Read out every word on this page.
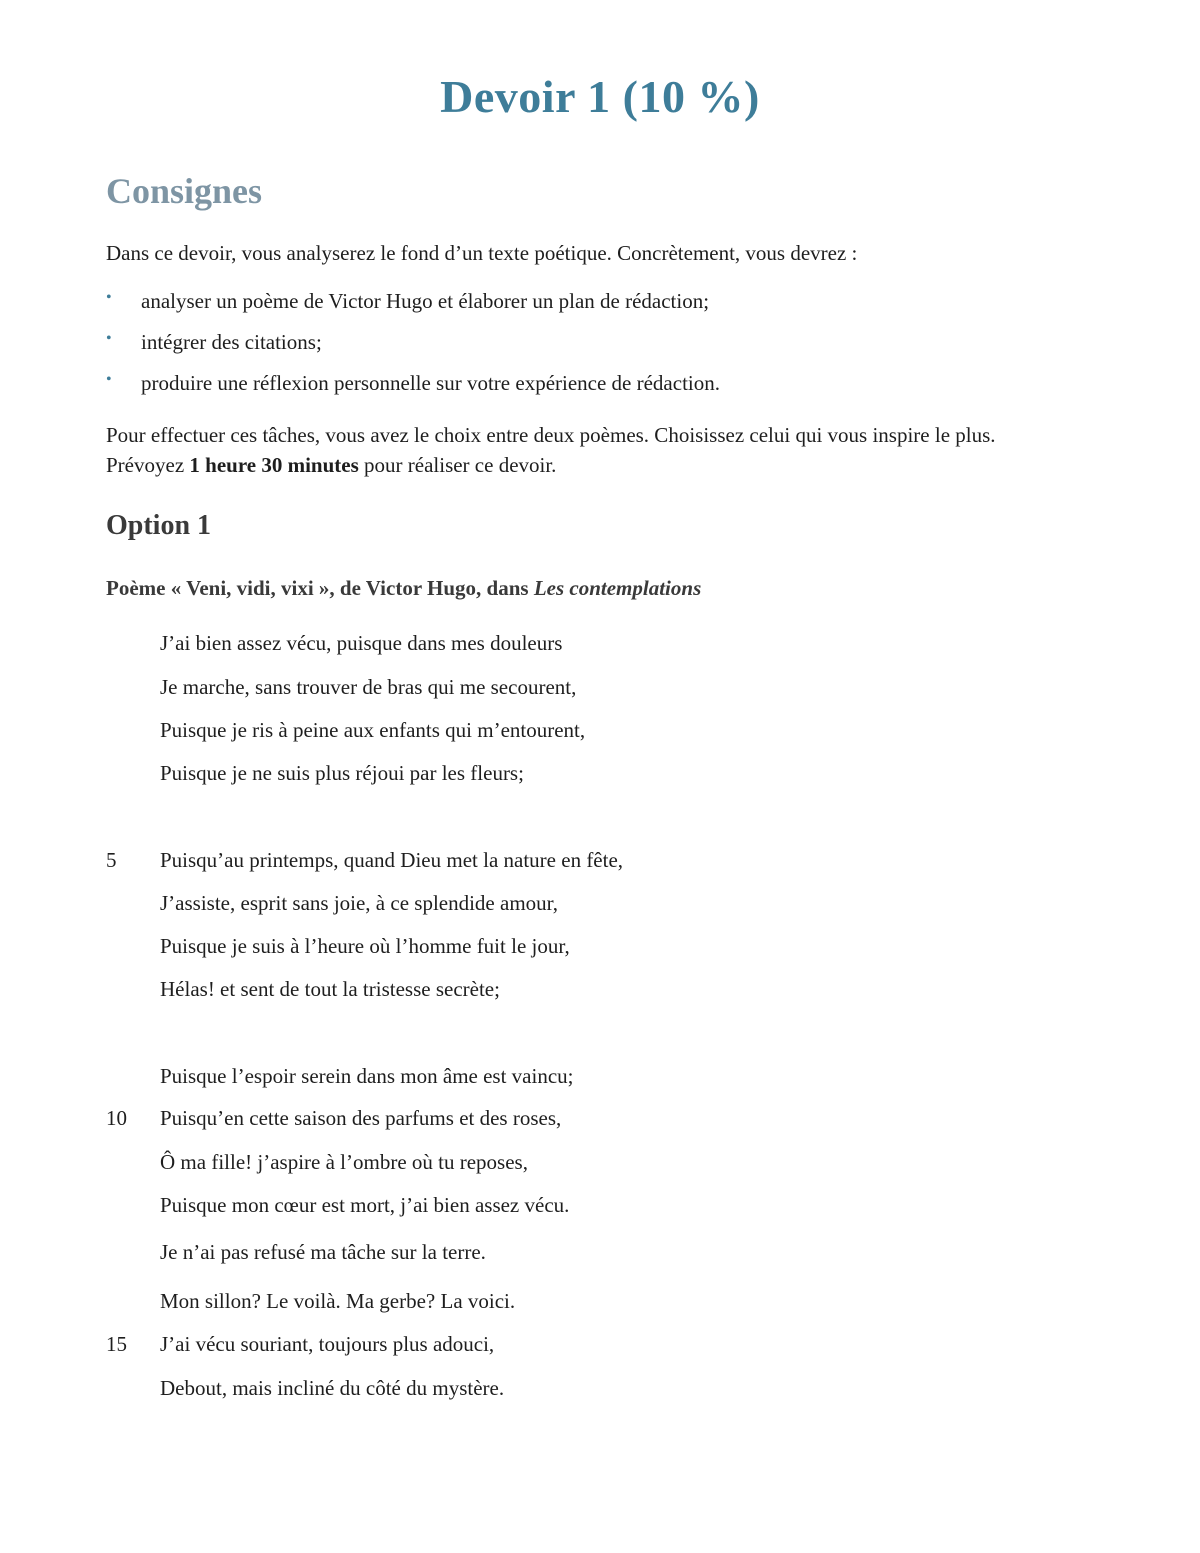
Devoir 1 (10 %)
Consignes
Dans ce devoir, vous analyserez le fond d’un texte poétique. Concrètement, vous devrez :
• analyser un poème de Victor Hugo et élaborer un plan de rédaction;
• intégrer des citations;
• produire une réflexion personnelle sur votre expérience de rédaction.
Pour effectuer ces tâches, vous avez le choix entre deux poèmes. Choisissez celui qui vous inspire le plus.
Prévoyez 1 heure 30 minutes pour réaliser ce devoir.
Option 1
Poème « Veni, vidi, vixi », de Victor Hugo, dans Les contemplations
J’ai bien assez vécu, puisque dans mes douleurs
Je marche, sans trouver de bras qui me secourent,
Puisque je ris à peine aux enfants qui m’entourent,
Puisque je ne suis plus réjoui par les fleurs;
5 Puisqu’au printemps, quand Dieu met la nature en fête,
J’assiste, esprit sans joie, à ce splendide amour,
Puisque je suis à l’heure où l’homme fuit le jour,
Hélas! et sent de tout la tristesse secrète;
Puisque l’espoir serein dans mon âme est vaincu;
10 Puisqu’en cette saison des parfums et des roses,
Ô ma fille! j’aspire à l’ombre où tu reposes,
Puisque mon cœur est mort, j’ai bien assez vécu.
Je n’ai pas refusé ma tâche sur la terre.
Mon sillon? Le voilà. Ma gerbe? La voici.
15 J’ai vécu souriant, toujours plus adouci,
Debout, mais incliné du côté du mystère.
